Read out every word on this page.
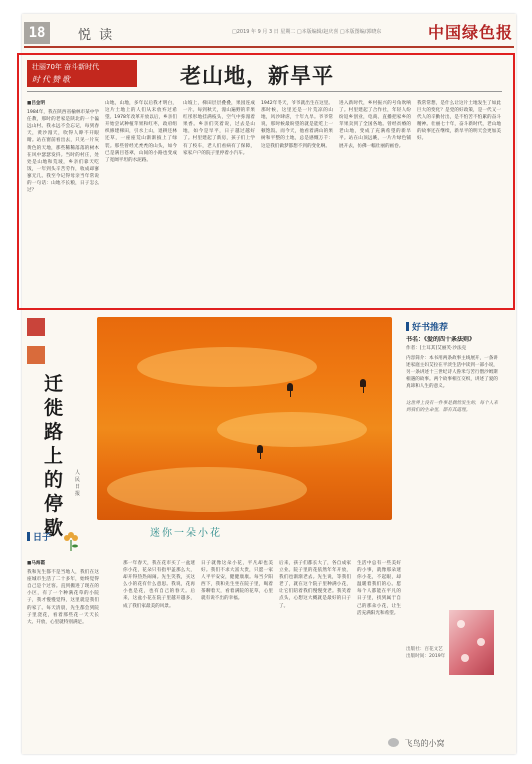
18	悦 读	□2019 年 9 月 3 日 星期二 □本版编辑/赵庆喜 □本版图编/郭晓东	中国绿色报
壮丽70年 奋斗新时代
时代赞歌	老山地，新旱平
■吕金明
1984年，我在陕西省榆林市某中学任教，那时的老家是陕北的一个偏远山村。我永远不会忘记，每到春天，黄沙漫天，吹得人睁不开眼睛。站在窗前看出去，只见一片灰黄色的天地，那些稀稀落落的树木在风中瑟瑟发抖。当时的村庄，处处是山地和荒坡，乡亲们靠天吃饭，一年到头辛苦劳作，收成却寥寥无几。我至今记得母亲当年常说的一句话：山地不长粮，日子怎么过？
山地，山地，多年以后我才明白，这片土地上的人们从未放弃过希望。1978年改革开放以后，乡亲们开始尝试种植苹果和红枣，政府组织修建梯田，引水上山，退耕还林还草，一座座荒山渐渐披上了绿装。那些曾经光秃秃的山头，如今已是满目苍翠，山间的小路也变成了宽阔平坦的水泥路。
山坡上，梯田层层叠叠，果园连成一片。每到秋天，漫山遍野的苹果红彤彤地挂满枝头，空气中弥漫着果香。乡亲们笑着说，过去是山地，如今是旱平，日子越过越好了。村里建起了新房，孩子们上学有了校车，老人们看病有了保障，家家户户的院子里停着小汽车。
1942年冬天，爷爷就出生在这里。那时候，这里还是一片荒凉的山地，风沙肆虐，十年九旱。爷爷常说，那时候最盼望的就是能吃上一顿饱饭。而今天，他看着满山的果树和平整的土地，总是感慨万千：这是我们做梦都想不到的变化啊。
进入新时代，乡村振兴的号角吹响了。村里建起了合作社，年轻人纷纷返乡创业，电商、直播把家乡的苹果卖到了全国各地。曾经贫瘠的老山地，变成了充满希望的新旱平。站在山顶远眺，一片片绿色铺展开去，仿佛一幅壮丽的画卷。
我常常想，是什么让这片土地发生了如此巨大的变化？是党的好政策，是一代又一代人的辛勤付出，是不怕苦不怕累的奋斗精神。壮丽七十年，奋斗新时代，老山地的故事还在继续，新旱平的明天会更加美好。
迁徙路上的停歇
人民日报
迷你一朵小花
好书推荐
书名：《爱的四十条法则》
作者：[土耳其]艾丽芙·沙法克
内容简介：本书用两条故事主线展开，一条讲述家庭主妇艾拉在平淡生活中读到一部小说，另一条讲述十三世纪诗人鲁米与苦行僧沙姆斯相遇的故事。两个故事相互交织，讲述了爱的真谛和人生的意义。
这世界上没有一件事是偶然发生的，每个人来到我们的生命里，都有其道理。
出版社：百花文艺
出版时间：2019年
日子
■马海霞
我和先生都不是当地人，我们在这座城市生活了二十多年，始终觉得自己是个过客。直到搬进了现在的小区，有了一个种满花草的小院子，我才慢慢觉得，这里就是我们的家了。每天清晨，先生都会到院子里浇花，看着那些花一天天长大、开放，心里就特别满足。
那一年春天，我在花市买了一盆迷你小花，花朵只有指甲盖那么大，却开得热热闹闹。先生笑我，买这么小的花有什么意思。我说，花再小也是花，也有自己的春天。后来，这盆小花在院子里越开越多，成了我们家最美的风景。
日子就像这朵小花，平凡却也美好。我们不求大富大贵，只愿一家人平平安安，健健康康。每当夕阳西下，我和先生坐在院子里，喝着茶聊着天，看着满院的花草，心里就有说不出的幸福。
后来，孩子们都长大了，各自成家立业。院子里的花依然年年开放，我们也渐渐老去。先生说，等我们老了，就在这个院子里种满小花，让它们陪着我们慢慢变老。我笑着点头，心想这大概就是最好的日子了。
生活中总有一些美好的小事，就像那朵迷你小花，不起眼，却温暖着我们的心。愿每个人都能在平凡的日子里，找到属于自己的那朵小花，让生活充满阳光和希望。
飞鸟的小窝
